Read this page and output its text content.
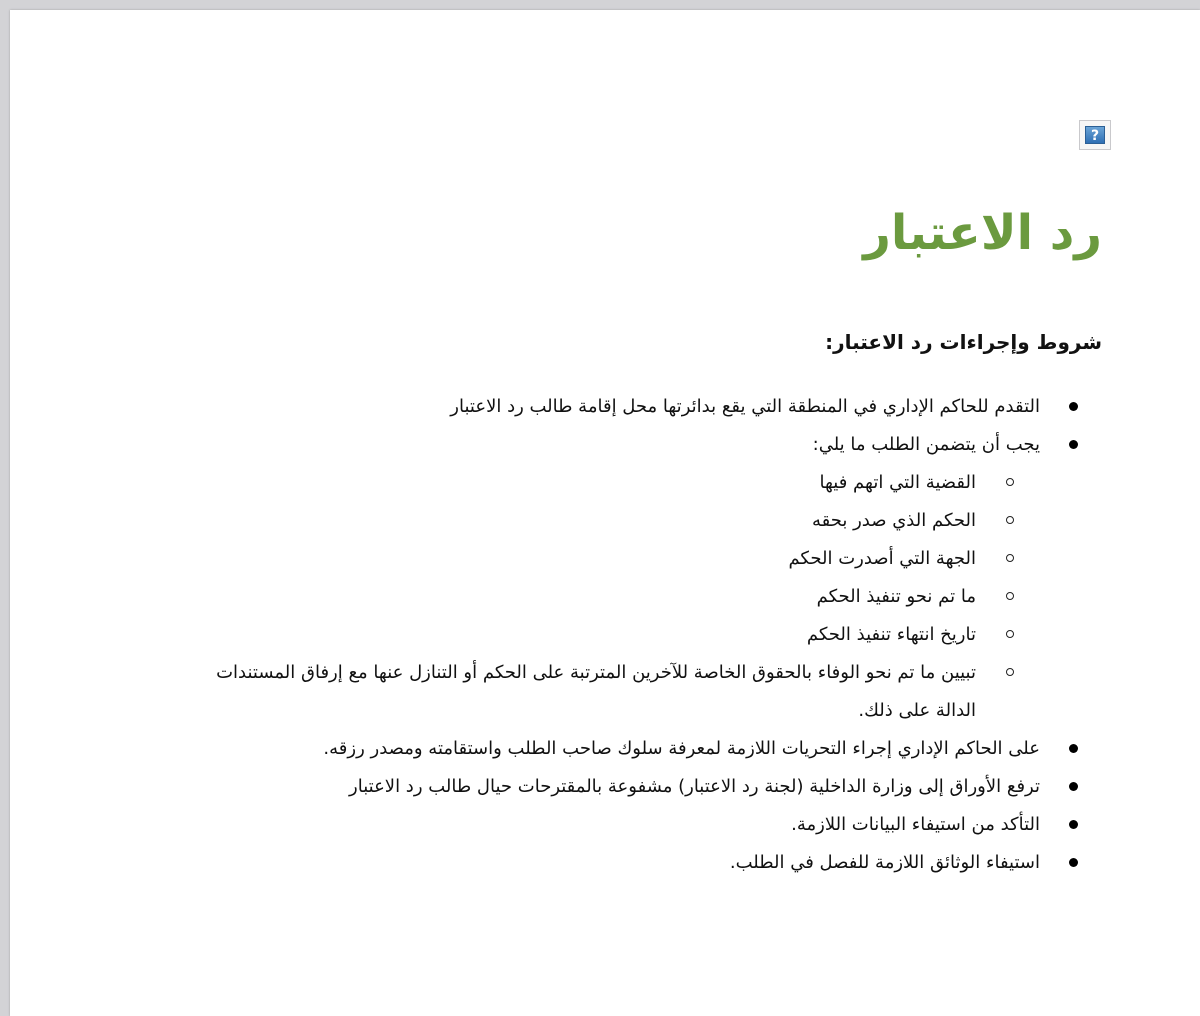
?
رد الاعتبار
شروط وإجراءات رد الاعتبار:
التقدم للحاكم الإداري في المنطقة التي يقع بدائرتها محل إقامة طالب رد الاعتبار
يجب أن يتضمن الطلب ما يلي:
القضية التي اتهم فيها
الحكم الذي صدر بحقه
الجهة التي أصدرت الحكم
ما تم نحو تنفيذ الحكم
تاريخ انتهاء تنفيذ الحكم
تبيين ما تم نحو الوفاء بالحقوق الخاصة للآخرين المترتبة على الحكم أو التنازل عنها مع إرفاق المستندات الدالة على ذلك.
على الحاكم الإداري إجراء التحريات اللازمة لمعرفة سلوك صاحب الطلب واستقامته ومصدر رزقه.
ترفع الأوراق إلى وزارة الداخلية (لجنة رد الاعتبار) مشفوعة بالمقترحات حيال طالب رد الاعتبار
التأكد من استيفاء البيانات اللازمة.
استيفاء الوثائق اللازمة للفصل في الطلب.
